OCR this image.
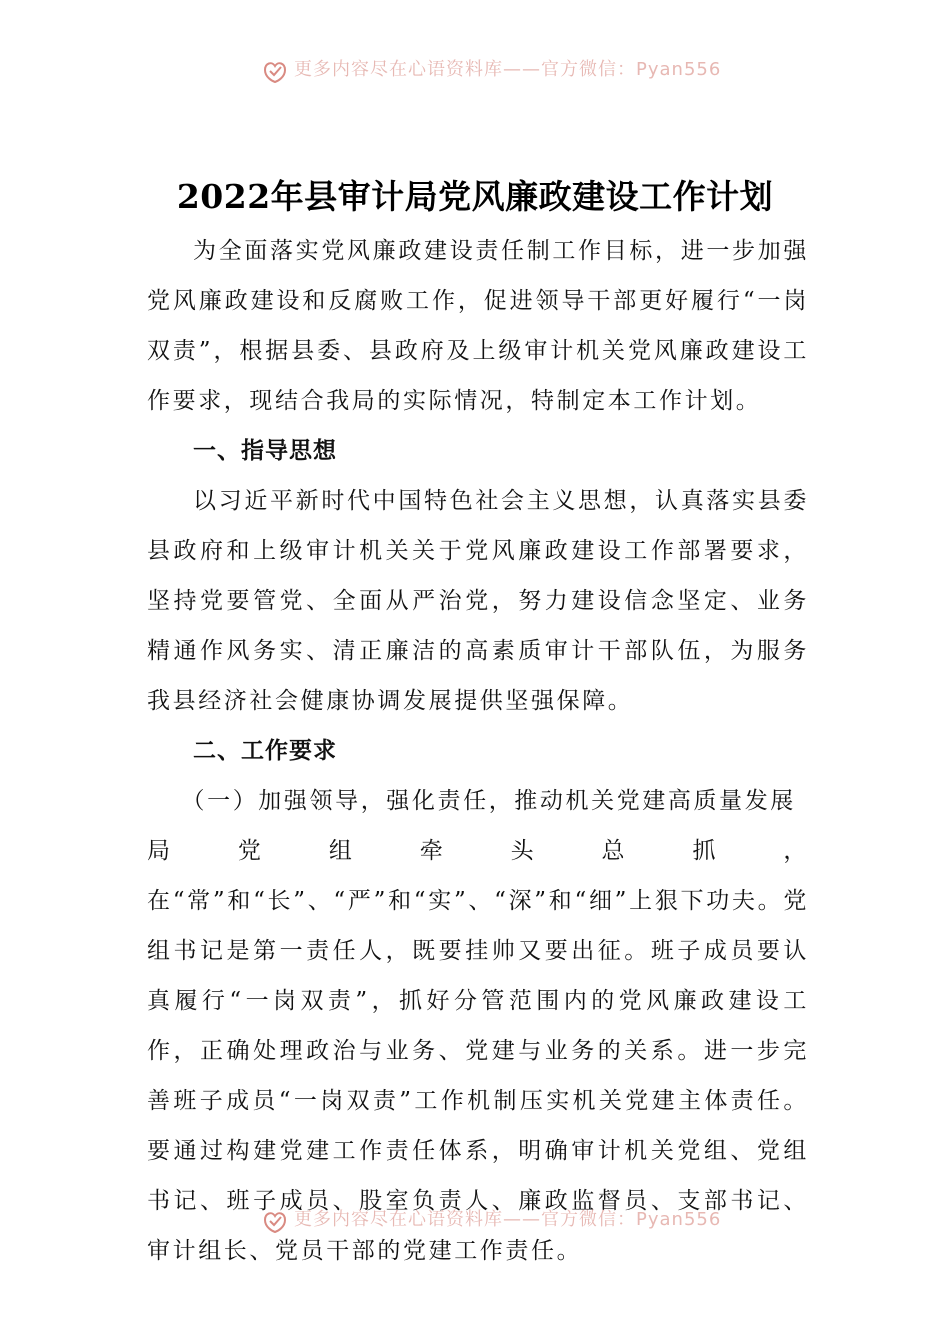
更多内容尽在心语资料库——官方微信：Pyan556
2022年县审计局党风廉政建设工作计划

为全面落实党风廉政建设责任制工作目标，进一步加强党风廉政建设和反腐败工作，促进领导干部更好履行“一岗双责”，根据县委、县政府及上级审计机关党风廉政建设工作要求，现结合我局的实际情况，特制定本工作计划。

一、指导思想

以习近平新时代中国特色社会主义思想，认真落实县委县政府和上级审计机关关于党风廉政建设工作部署要求，坚持党要管党、全面从严治党，努力建设信念坚定、业务精通作风务实、清正廉洁的高素质审计干部队伍，为服务我县经济社会健康协调发展提供坚强保障。

二、工作要求

（一）加强领导，强化责任，推动机关党建高质量发展

局党组牵头总抓，在“常”和“长”、“严”和“实”、“深”和“细”上狠下功夫。党组书记是第一责任人，既要挂帅又要出征。班子成员要认真履行“一岗双责”，抓好分管范围内的党风廉政建设工作，正确处理政治与业务、党建与业务的关系。进一步完善班子成员“一岗双责”工作机制压实机关党建主体责任。要通过构建党建工作责任体系，明确审计机关党组、党组书记、班子成员、股室负责人、廉政监督员、支部书记、审计组长、党员干部的党建工作责任。

更多内容尽在心语资料库——官方微信：Pyan556
